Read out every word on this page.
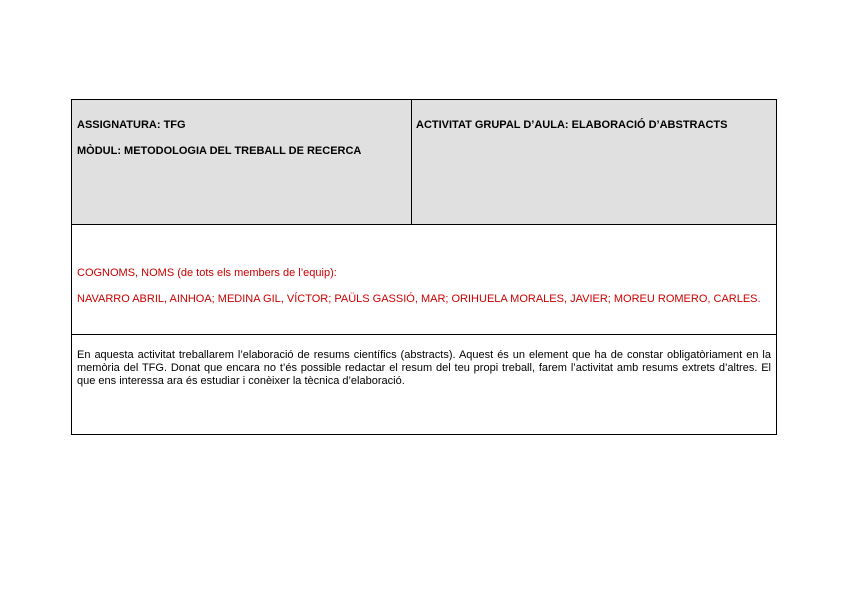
ASSIGNATURA: TFG
MÒDUL: METODOLOGIA DEL TREBALL DE RECERCA

ACTIVITAT GRUPAL D’AULA: ELABORACIÓ D’ABSTRACTS

COGNOMS, NOMS (de tots els members de l’equip):
NAVARRO ABRIL, AINHOA; MEDINA GIL, VÍCTOR; PAÜLS GASSIÓ, MAR; ORIHUELA MORALES, JAVIER; MOREU ROMERO, CARLES.

En aquesta activitat treballarem l’elaboració de resums científics (abstracts). Aquest és un element que ha de constar obligatòriament en la memòria del TFG. Donat que encara no t’és possible redactar el resum del teu propi treball, farem l’activitat amb resums extrets d’altres. El que ens interessa ara és estudiar i conèixer la tècnica d’elaboració.
